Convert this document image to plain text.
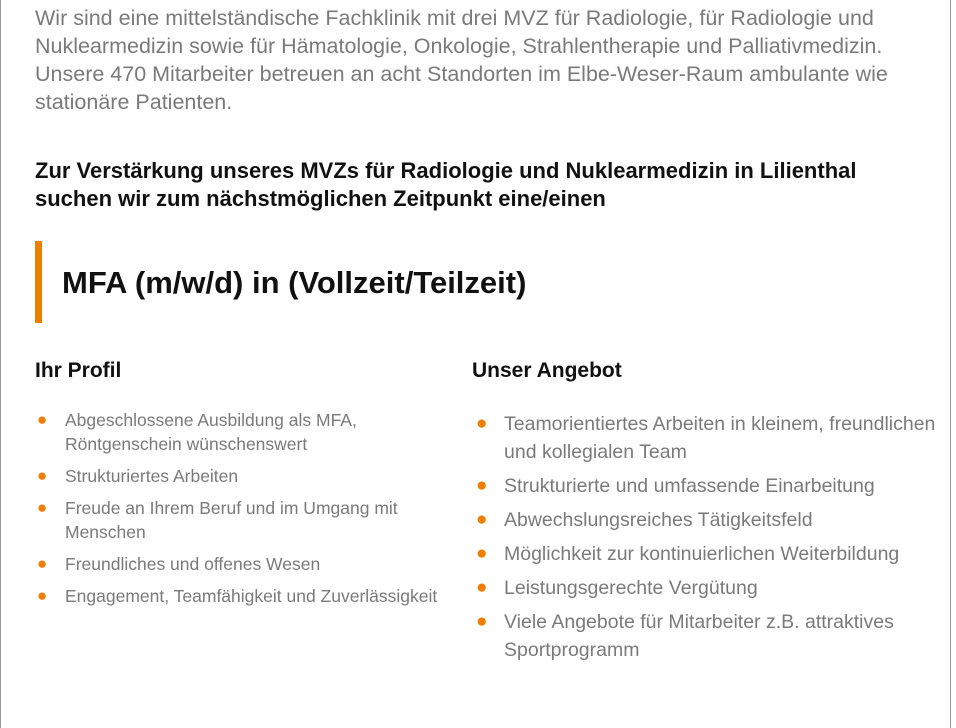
Wir sind eine mittelständische Fachklinik mit drei MVZ für Radiologie, für Radiologie und Nuklearmedizin sowie für Hämatologie, Onkologie, Strahlentherapie und Palliativmedizin. Unsere 470 Mitarbeiter betreuen an acht Standorten im Elbe-Weser-Raum ambulante wie stationäre Patienten.

Zur Verstärkung unseres MVZs für Radiologie und Nuklearmedizin in Lilienthal suchen wir zum nächstmöglichen Zeitpunkt eine/einen

MFA (m/w/d) in (Vollzeit/Teilzeit)
Ihr Profil
● Abgeschlossene Ausbildung als MFA, Röntgenschein wünschenswert
● Strukturiertes Arbeiten
● Freude an Ihrem Beruf und im Umgang mit Menschen
● Freundliches und offenes Wesen
● Engagement, Teamfähigkeit und Zuverlässigkeit
Unser Angebot
● Teamorientiertes Arbeiten in kleinem, freundlichen und kollegialen Team
● Strukturierte und umfassende Einarbeitung
● Abwechslungsreiches Tätigkeitsfeld
● Möglichkeit zur kontinuierlichen Weiterbildung
● Leistungsgerechte Vergütung
● Viele Angebote für Mitarbeiter z.B. attraktives Sportprogramm
